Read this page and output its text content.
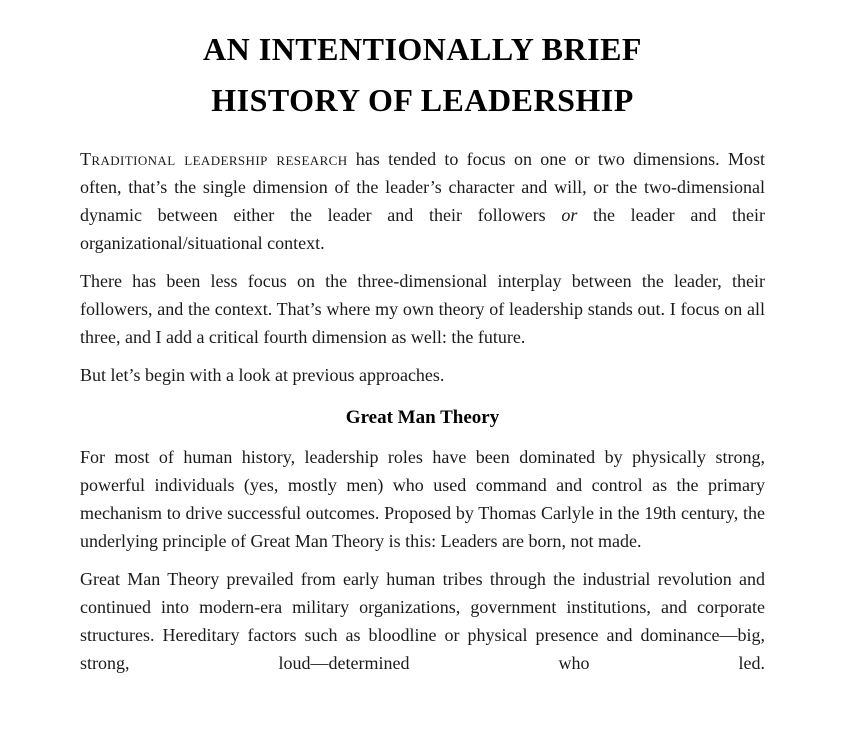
AN INTENTIONALLY BRIEF
HISTORY OF LEADERSHIP

Traditional leadership research has tended to focus on one or two dimensions. Most often, that’s the single dimension of the leader’s character and will, or the two-dimensional dynamic between either the leader and their followers or the leader and their organizational/situational context.

There has been less focus on the three-dimensional interplay between the leader, their followers, and the context. That’s where my own theory of leadership stands out. I focus on all three, and I add a critical fourth dimension as well: the future.

But let’s begin with a look at previous approaches.

Great Man Theory

For most of human history, leadership roles have been dominated by physically strong, powerful individuals (yes, mostly men) who used command and control as the primary mechanism to drive successful outcomes. Proposed by Thomas Carlyle in the 19th century, the underlying principle of Great Man Theory is this: Leaders are born, not made.

Great Man Theory prevailed from early human tribes through the industrial revolution and continued into modern-era military organizations, government institutions, and corporate structures. Hereditary factors such as bloodline or physical presence and dominance—big, strong, loud—determined who led.
